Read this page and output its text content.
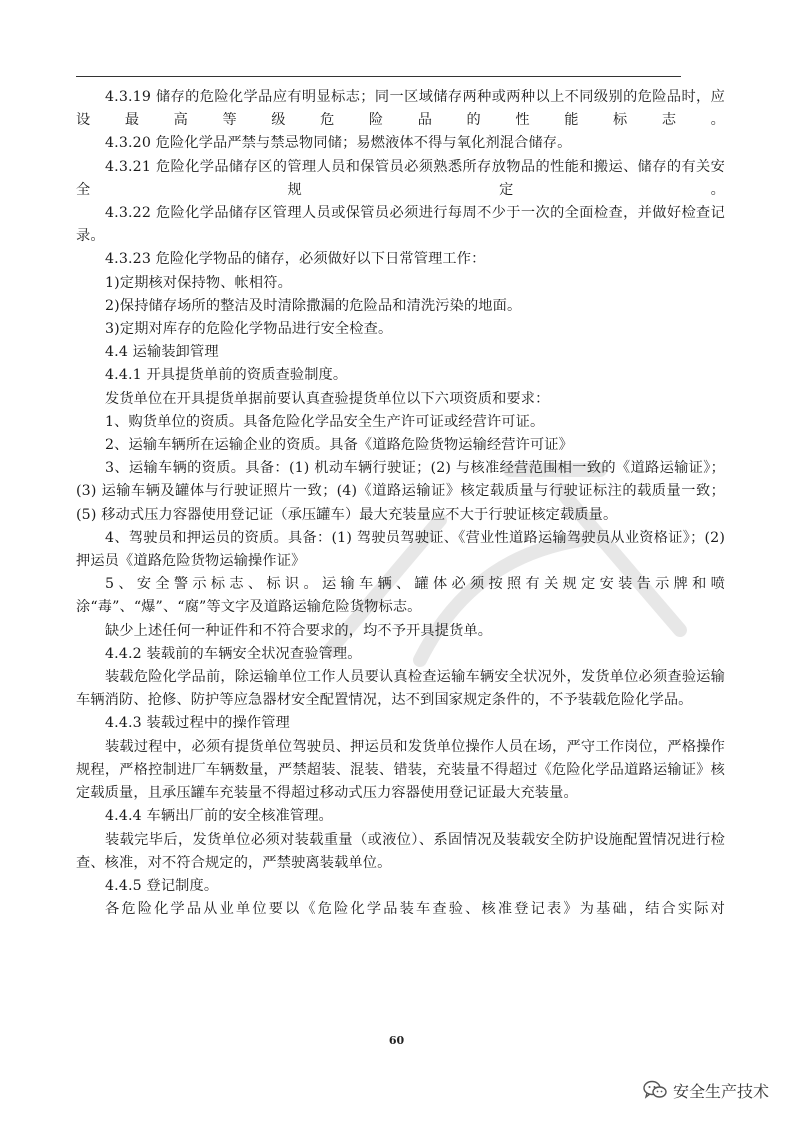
4.3.19 储存的危险化学品应有明显标志；同一区域储存两种或两种以上不同级别的危险品时，应设最高等级危险品的性能标志。

4.3.20 危险化学品严禁与禁忌物同储；易燃液体不得与氧化剂混合储存。

4.3.21 危险化学品储存区的管理人员和保管员必须熟悉所存放物品的性能和搬运、储存的有关安全规定。

4.3.22 危险化学品储存区管理人员或保管员必须进行每周不少于一次的全面检查，并做好检查记录。

4.3.23 危险化学物品的储存，必须做好以下日常管理工作：

1)定期核对保持物、帐相符。

2)保持储存场所的整洁及时清除撒漏的危险品和清洗污染的地面。

3)定期对库存的危险化学物品进行安全检查。

4.4 运输装卸管理

4.4.1 开具提货单前的资质查验制度。

发货单位在开具提货单据前要认真查验提货单位以下六项资质和要求：

1、购货单位的资质。具备危险化学品安全生产许可证或经营许可证。

2、运输车辆所在运输企业的资质。具备《道路危险货物运输经营许可证》

3、运输车辆的资质。具备：(1) 机动车辆行驶证；(2) 与核准经营范围相一致的《道路运输证》；(3) 运输车辆及罐体与行驶证照片一致；(4)《道路运输证》核定载质量与行驶证标注的载质量一致；(5) 移动式压力容器使用登记证（承压罐车）最大充装量应不大于行驶证核定载质量。

4、驾驶员和押运员的资质。具备：(1) 驾驶员驾驶证、《营业性道路运输驾驶员从业资格证》；(2) 押运员《道路危险货物运输操作证》

5、安全警示标志、标识。运输车辆、罐体必须按照有关规定安装告示牌和喷涂“毒”、“爆”、“腐”等文字及道路运输危险货物标志。

缺少上述任何一种证件和不符合要求的，均不予开具提货单。

4.4.2 装载前的车辆安全状况查验管理。

装载危险化学品前，除运输单位工作人员要认真检查运输车辆安全状况外，发货单位必须查验运输车辆消防、抢修、防护等应急器材安全配置情况，达不到国家规定条件的，不予装载危险化学品。

4.4.3 装载过程中的操作管理

装载过程中，必须有提货单位驾驶员、押运员和发货单位操作人员在场，严守工作岗位，严格操作规程，严格控制进厂车辆数量，严禁超装、混装、错装，充装量不得超过《危险化学品道路运输证》核定载质量，且承压罐车充装量不得超过移动式压力容器使用登记证最大充装量。

4.4.4 车辆出厂前的安全核准管理。

装载完毕后，发货单位必须对装载重量（或液位）、系固情况及装载安全防护设施配置情况进行检查、核准，对不符合规定的，严禁驶离装载单位。

4.4.5 登记制度。

各危险化学品从业单位要以《危险化学品装车查验、核准登记表》为基础，结合实际对

60
安全生产技术
